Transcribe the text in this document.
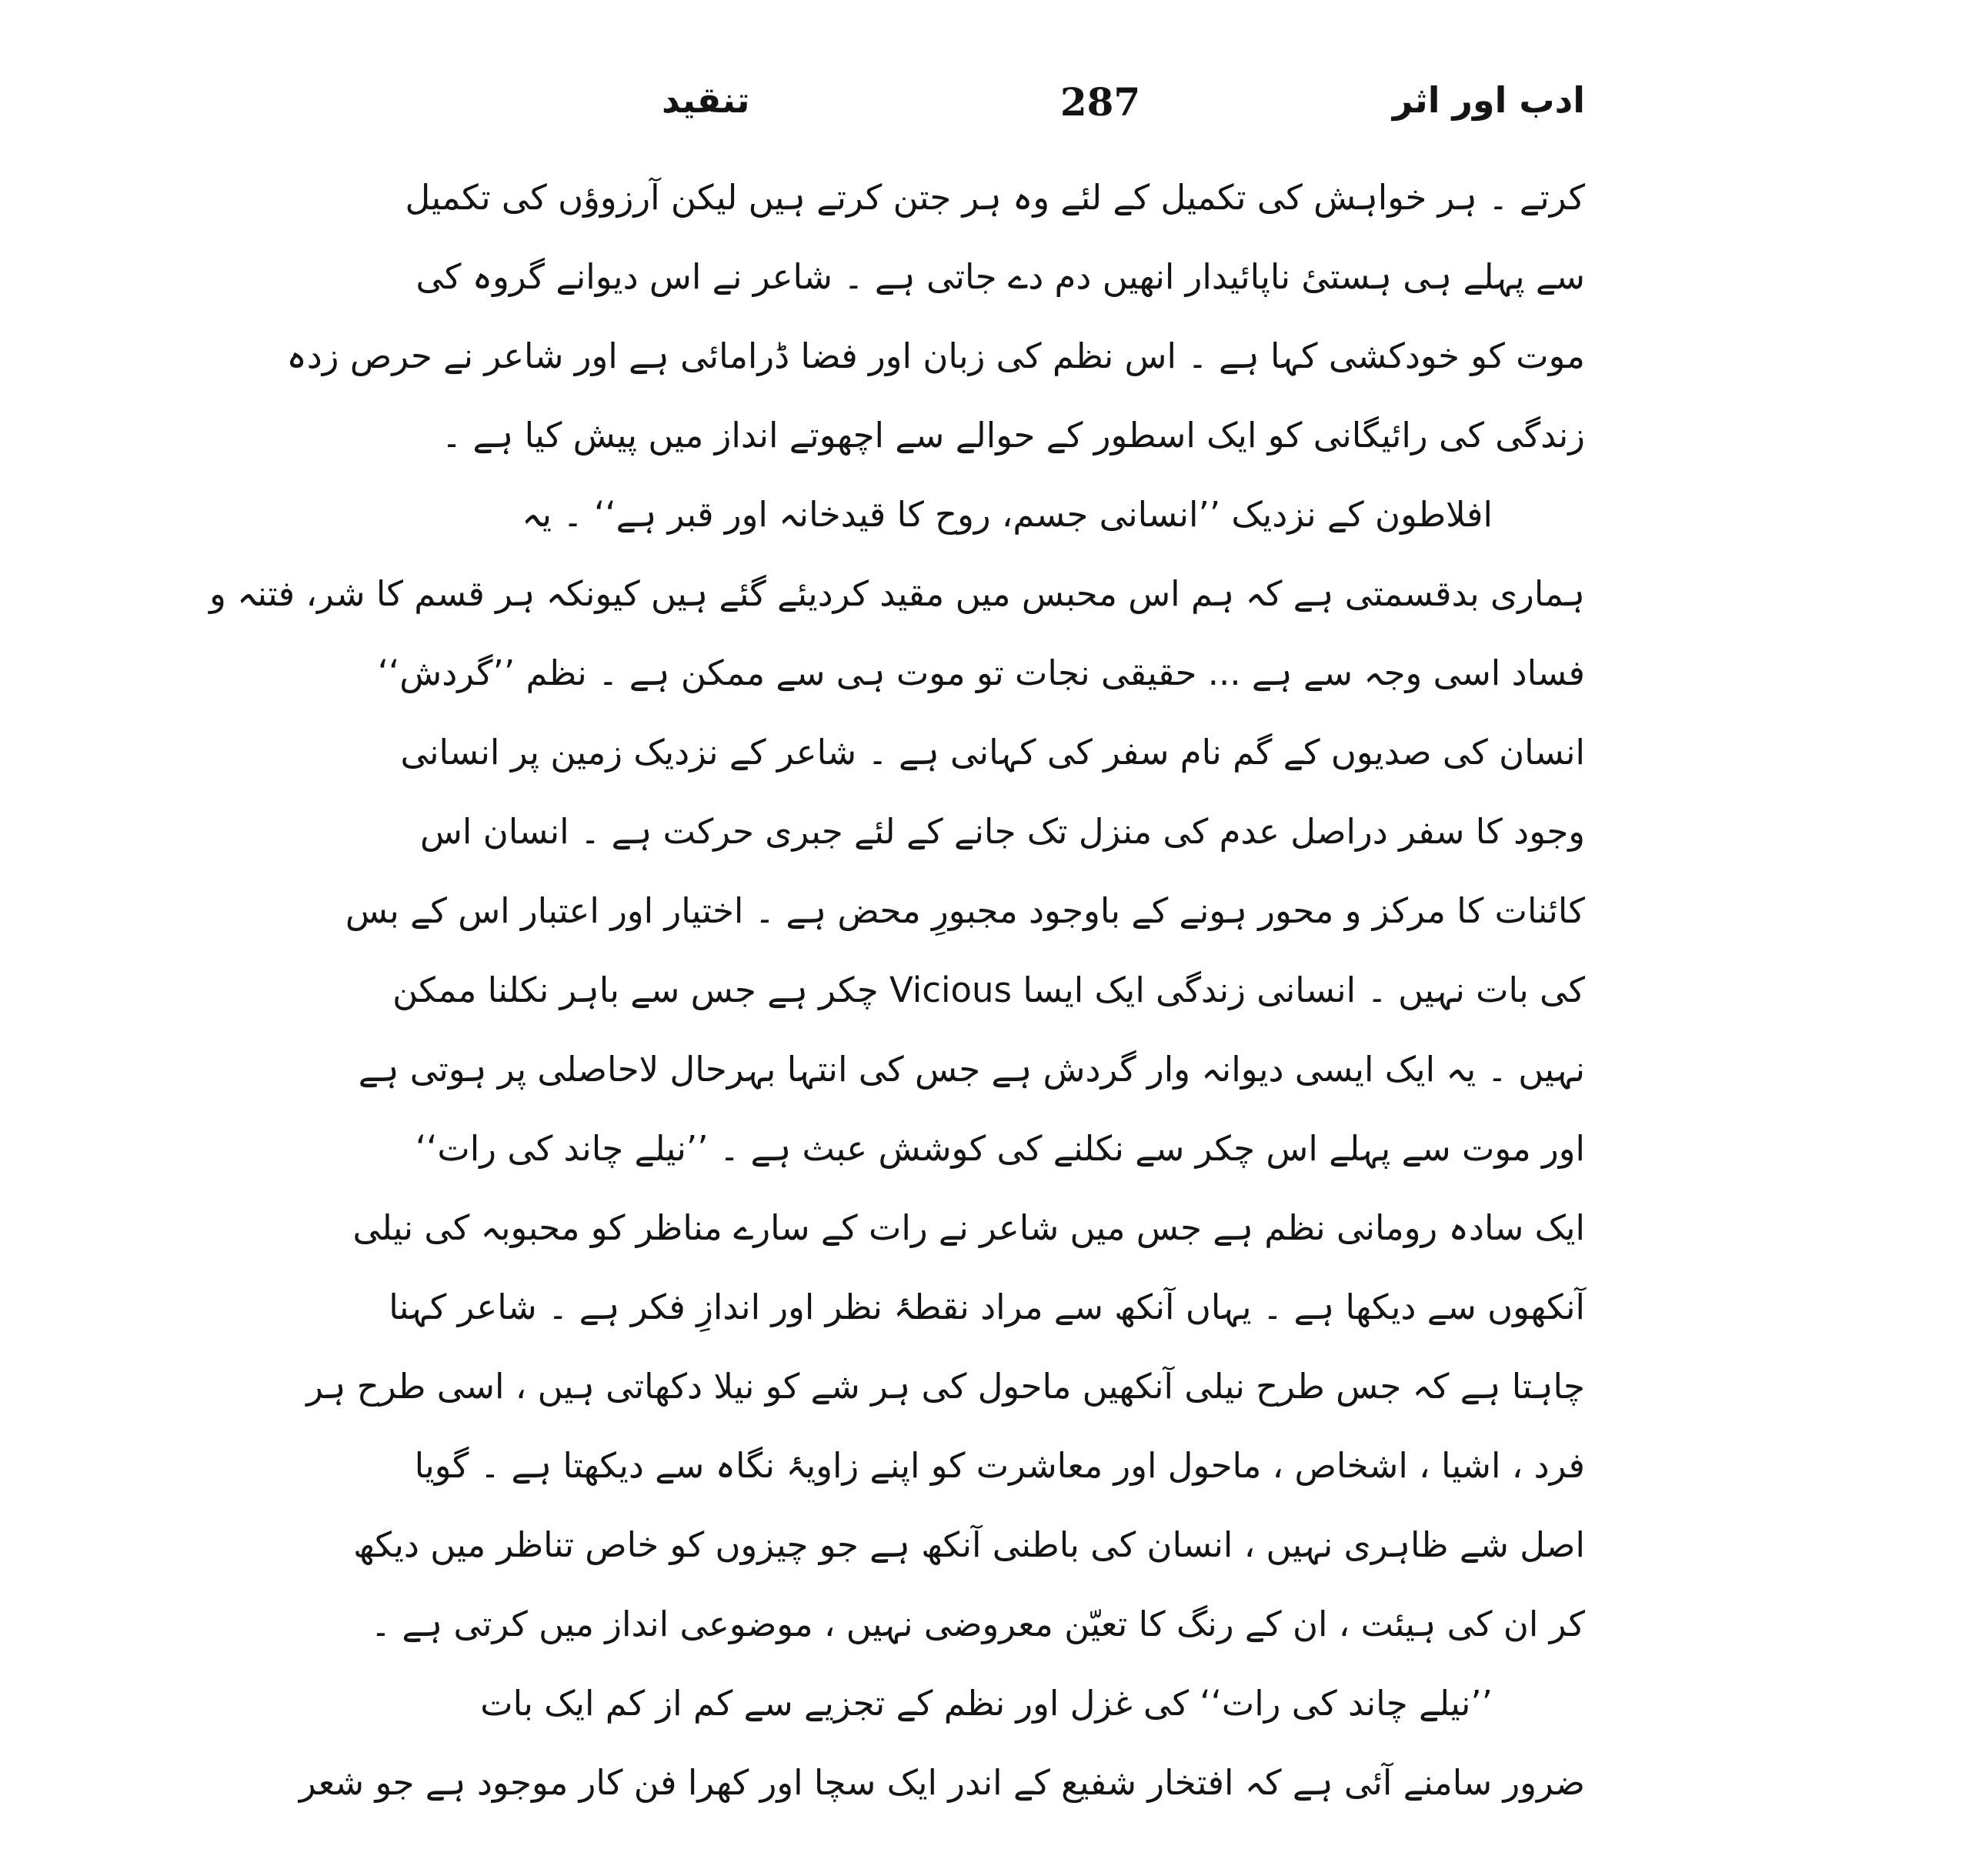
ادب اور اثر
287
تنقید
کرتے ۔ ہر خواہش کی تکمیل کے لئے وہ ہر جتن کرتے ہیں لیکن آرزوؤں کی تکمیل
سے پہلے ہی ہستیٔ ناپائیدار انھیں دم دے جاتی ہے ۔ شاعر نے اس دیوانے گروہ کی
موت کو خودکشی کہا ہے ۔ اس نظم کی زبان اور فضا ڈرامائی ہے اور شاعر نے حرص زدہ
زندگی کی رائیگانی کو ایک اسطور کے حوالے سے اچھوتے انداز میں پیش کیا ہے ۔
افلاطون کے نزدیک ’’انسانی جسم، روح کا قیدخانہ اور قبر ہے‘‘ ۔ یہ
ہماری بدقسمتی ہے کہ ہم اس محبس میں مقید کردیئے گئے ہیں کیونکہ ہر قسم کا شر، فتنہ و
فساد اسی وجہ سے ہے ... حقیقی نجات تو موت ہی سے ممکن ہے ۔ نظم ’’گردش‘‘
انسان کی صدیوں کے گم نام سفر کی کہانی ہے ۔ شاعر کے نزدیک زمین پر انسانی
وجود کا سفر دراصل عدم کی منزل تک جانے کے لئے جبری حرکت ہے ۔ انسان اس
کائنات کا مرکز و محور ہونے کے باوجود مجبورِ محض ہے ۔ اختیار اور اعتبار اس کے بس
کی بات نہیں ۔ انسانی زندگی ایک ایسا Vicious چکر ہے جس سے باہر نکلنا ممکن
نہیں ۔ یہ ایک ایسی دیوانہ وار گردش ہے جس کی انتہا بہرحال لاحاصلی پر ہوتی ہے
اور موت سے پہلے اس چکر سے نکلنے کی کوشش عبث ہے ۔ ’’نیلے چاند کی رات‘‘
ایک سادہ رومانی نظم ہے جس میں شاعر نے رات کے سارے مناظر کو محبوبہ کی نیلی
آنکھوں سے دیکھا ہے ۔ یہاں آنکھ سے مراد نقطۂ نظر اور اندازِ فکر ہے ۔ شاعر کہنا
چاہتا ہے کہ جس طرح نیلی آنکھیں ماحول کی ہر شے کو نیلا دکھاتی ہیں ، اسی طرح ہر
فرد ، اشیا ، اشخاص ، ماحول اور معاشرت کو اپنے زاویۂ نگاہ سے دیکھتا ہے ۔ گویا
اصل شے ظاہری نہیں ، انسان کی باطنی آنکھ ہے جو چیزوں کو خاص تناظر میں دیکھ
کر ان کی ہیئت ، ان کے رنگ کا تعیّن معروضی نہیں ، موضوعی انداز میں کرتی ہے ۔
’’نیلے چاند کی رات‘‘ کی غزل اور نظم کے تجزیے سے کم از کم ایک بات
ضرور سامنے آئی ہے کہ افتخار شفیع کے اندر ایک سچا اور کھرا فن کار موجود ہے جو شعر
